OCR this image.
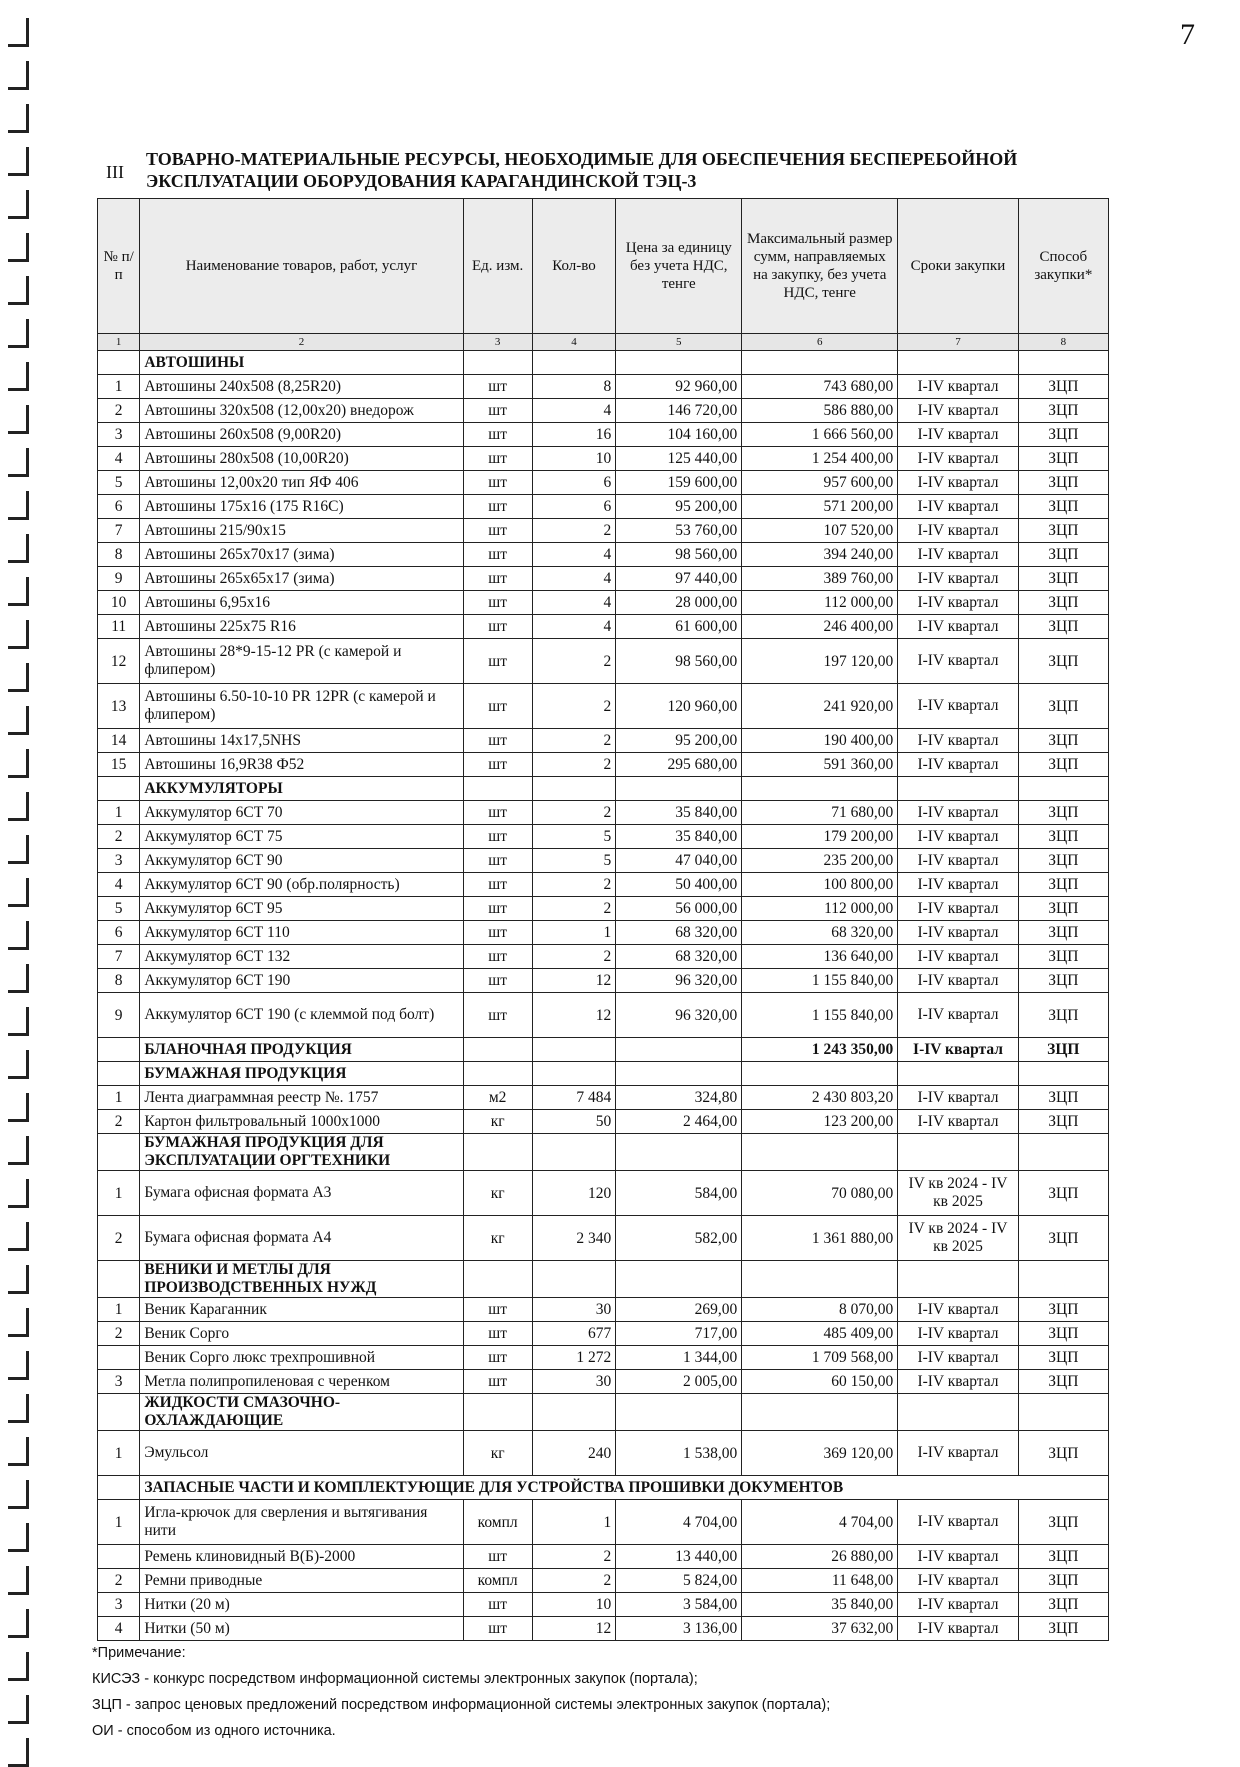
7
III
ТОВАРНО-МАТЕРИАЛЬНЫЕ РЕСУРСЫ, НЕОБХОДИМЫЕ ДЛЯ ОБЕСПЕЧЕНИЯ БЕСПЕРЕБОЙНОЙ ЭКСПЛУАТАЦИИ ОБОРУДОВАНИЯ КАРАГАНДИНСКОЙ ТЭЦ-3
№ п/п	Наименование товаров, работ, услуг	Ед. изм.	Кол-во	Цена за единицу без учета НДС, тенге	Максимальный размер сумм, направляемых на закупку, без учета НДС, тенге	Сроки закупки	Способ закупки*
1	2	3	4	5	6	7	8
	АВТОШИНЫ						
1	Автошины 240х508 (8,25R20)	шт	8	92 960,00	743 680,00	I-IV квартал	ЗЦП
2	Автошины 320х508 (12,00х20) внедорож	шт	4	146 720,00	586 880,00	I-IV квартал	ЗЦП
3	Автошины 260х508 (9,00R20)	шт	16	104 160,00	1 666 560,00	I-IV квартал	ЗЦП
4	Автошины 280х508 (10,00R20)	шт	10	125 440,00	1 254 400,00	I-IV квартал	ЗЦП
5	Автошины 12,00х20 тип ЯФ 406	шт	6	159 600,00	957 600,00	I-IV квартал	ЗЦП
6	Автошины 175х16 (175 R16C)	шт	6	95 200,00	571 200,00	I-IV квартал	ЗЦП
7	Автошины 215/90х15	шт	2	53 760,00	107 520,00	I-IV квартал	ЗЦП
8	Автошины 265х70х17 (зима)	шт	4	98 560,00	394 240,00	I-IV квартал	ЗЦП
9	Автошины 265х65х17 (зима)	шт	4	97 440,00	389 760,00	I-IV квартал	ЗЦП
10	Автошины 6,95х16	шт	4	28 000,00	112 000,00	I-IV квартал	ЗЦП
11	Автошины 225х75 R16	шт	4	61 600,00	246 400,00	I-IV квартал	ЗЦП
12	Автошины 28*9-15-12 PR (с камерой и флипером)	шт	2	98 560,00	197 120,00	I-IV квартал	ЗЦП
13	Автошины 6.50-10-10 PR 12PR (с камерой и флипером)	шт	2	120 960,00	241 920,00	I-IV квартал	ЗЦП
14	Автошины 14х17,5NHS	шт	2	95 200,00	190 400,00	I-IV квартал	ЗЦП
15	Автошины 16,9R38 Ф52	шт	2	295 680,00	591 360,00	I-IV квартал	ЗЦП
	АККУМУЛЯТОРЫ						
1	Аккумулятор 6СТ 70	шт	2	35 840,00	71 680,00	I-IV квартал	ЗЦП
2	Аккумулятор 6СТ 75	шт	5	35 840,00	179 200,00	I-IV квартал	ЗЦП
3	Аккумулятор 6СТ 90	шт	5	47 040,00	235 200,00	I-IV квартал	ЗЦП
4	Аккумулятор 6СТ 90 (обр.полярность)	шт	2	50 400,00	100 800,00	I-IV квартал	ЗЦП
5	Аккумулятор 6СТ 95	шт	2	56 000,00	112 000,00	I-IV квартал	ЗЦП
6	Аккумулятор 6СТ 110	шт	1	68 320,00	68 320,00	I-IV квартал	ЗЦП
7	Аккумулятор 6СТ 132	шт	2	68 320,00	136 640,00	I-IV квартал	ЗЦП
8	Аккумулятор 6СТ 190	шт	12	96 320,00	1 155 840,00	I-IV квартал	ЗЦП
9	Аккумулятор 6СТ 190 (с клеммой под болт)	шт	12	96 320,00	1 155 840,00	I-IV квартал	ЗЦП
	БЛАНОЧНАЯ ПРОДУКЦИЯ				1 243 350,00	I-IV квартал	ЗЦП
	БУМАЖНАЯ ПРОДУКЦИЯ						
1	Лента диаграммная реестр №. 1757	м2	7 484	324,80	2 430 803,20	I-IV квартал	ЗЦП
2	Картон фильтровальный 1000х1000	кг	50	2 464,00	123 200,00	I-IV квартал	ЗЦП
	БУМАЖНАЯ ПРОДУКЦИЯ ДЛЯ ЭКСПЛУАТАЦИИ ОРГТЕХНИКИ						
1	Бумага офисная формата А3	кг	120	584,00	70 080,00	IV кв 2024 - IV кв 2025	ЗЦП
2	Бумага офисная формата А4	кг	2 340	582,00	1 361 880,00	IV кв 2024 - IV кв 2025	ЗЦП
	ВЕНИКИ И МЕТЛЫ ДЛЯ ПРОИЗВОДСТВЕННЫХ НУЖД						
1	Веник Караганник	шт	30	269,00	8 070,00	I-IV квартал	ЗЦП
2	Веник Сорго	шт	677	717,00	485 409,00	I-IV квартал	ЗЦП
	Веник Сорго люкс трехпрошивной	шт	1 272	1 344,00	1 709 568,00	I-IV квартал	ЗЦП
3	Метла полипропиленовая с черенком	шт	30	2 005,00	60 150,00	I-IV квартал	ЗЦП
	ЖИДКОСТИ СМАЗОЧНО-ОХЛАЖДАЮЩИЕ						
1	Эмульсол	кг	240	1 538,00	369 120,00	I-IV квартал	ЗЦП
	ЗАПАСНЫЕ ЧАСТИ И КОМПЛЕКТУЮЩИЕ ДЛЯ УСТРОЙСТВА ПРОШИВКИ ДОКУМЕНТОВ						
1	Игла-крючок для сверления и вытягивания нити	компл	1	4 704,00	4 704,00	I-IV квартал	ЗЦП
	Ремень клиновидный В(Б)-2000	шт	2	13 440,00	26 880,00	I-IV квартал	ЗЦП
2	Ремни приводные	компл	2	5 824,00	11 648,00	I-IV квартал	ЗЦП
3	Нитки (20 м)	шт	10	3 584,00	35 840,00	I-IV квартал	ЗЦП
4	Нитки (50 м)	шт	12	3 136,00	37 632,00	I-IV квартал	ЗЦП
*Примечание:
КИСЭЗ - конкурс посредством информационной системы электронных закупок (портала);
ЗЦП - запрос ценовых предложений посредством информационной системы электронных закупок (портала);
ОИ - способом из одного источника.
